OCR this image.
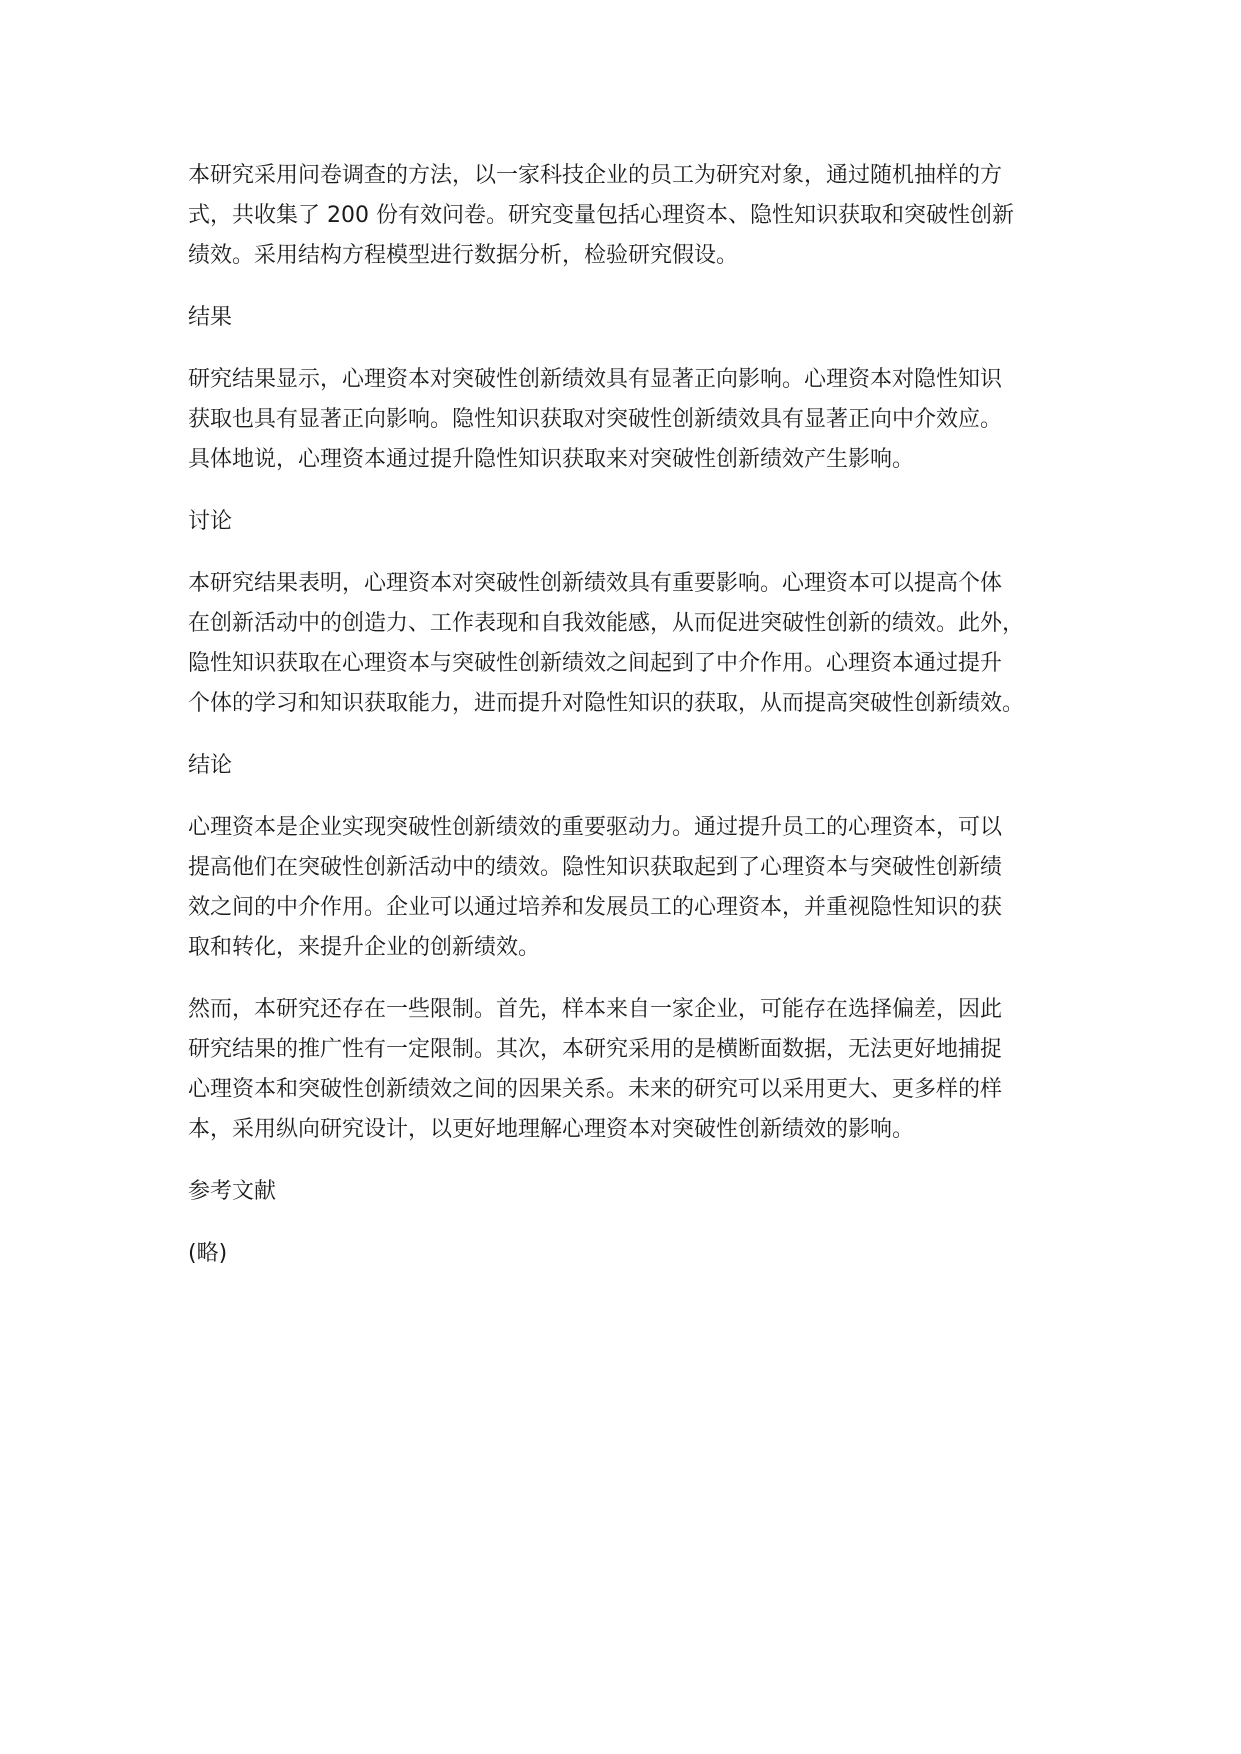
本研究采用问卷调查的方法，以一家科技企业的员工为研究对象，通过随机抽样的方
式，共收集了 200 份有效问卷。研究变量包括心理资本、隐性知识获取和突破性创新
绩效。采用结构方程模型进行数据分析，检验研究假设。

结果

研究结果显示，心理资本对突破性创新绩效具有显著正向影响。心理资本对隐性知识
获取也具有显著正向影响。隐性知识获取对突破性创新绩效具有显著正向中介效应。
具体地说，心理资本通过提升隐性知识获取来对突破性创新绩效产生影响。

讨论

本研究结果表明，心理资本对突破性创新绩效具有重要影响。心理资本可以提高个体
在创新活动中的创造力、工作表现和自我效能感，从而促进突破性创新的绩效。此外，
隐性知识获取在心理资本与突破性创新绩效之间起到了中介作用。心理资本通过提升
个体的学习和知识获取能力，进而提升对隐性知识的获取，从而提高突破性创新绩效。

结论

心理资本是企业实现突破性创新绩效的重要驱动力。通过提升员工的心理资本，可以
提高他们在突破性创新活动中的绩效。隐性知识获取起到了心理资本与突破性创新绩
效之间的中介作用。企业可以通过培养和发展员工的心理资本，并重视隐性知识的获
取和转化，来提升企业的创新绩效。

然而，本研究还存在一些限制。首先，样本来自一家企业，可能存在选择偏差，因此
研究结果的推广性有一定限制。其次，本研究采用的是横断面数据，无法更好地捕捉
心理资本和突破性创新绩效之间的因果关系。未来的研究可以采用更大、更多样的样
本，采用纵向研究设计，以更好地理解心理资本对突破性创新绩效的影响。

参考文献

(略)
